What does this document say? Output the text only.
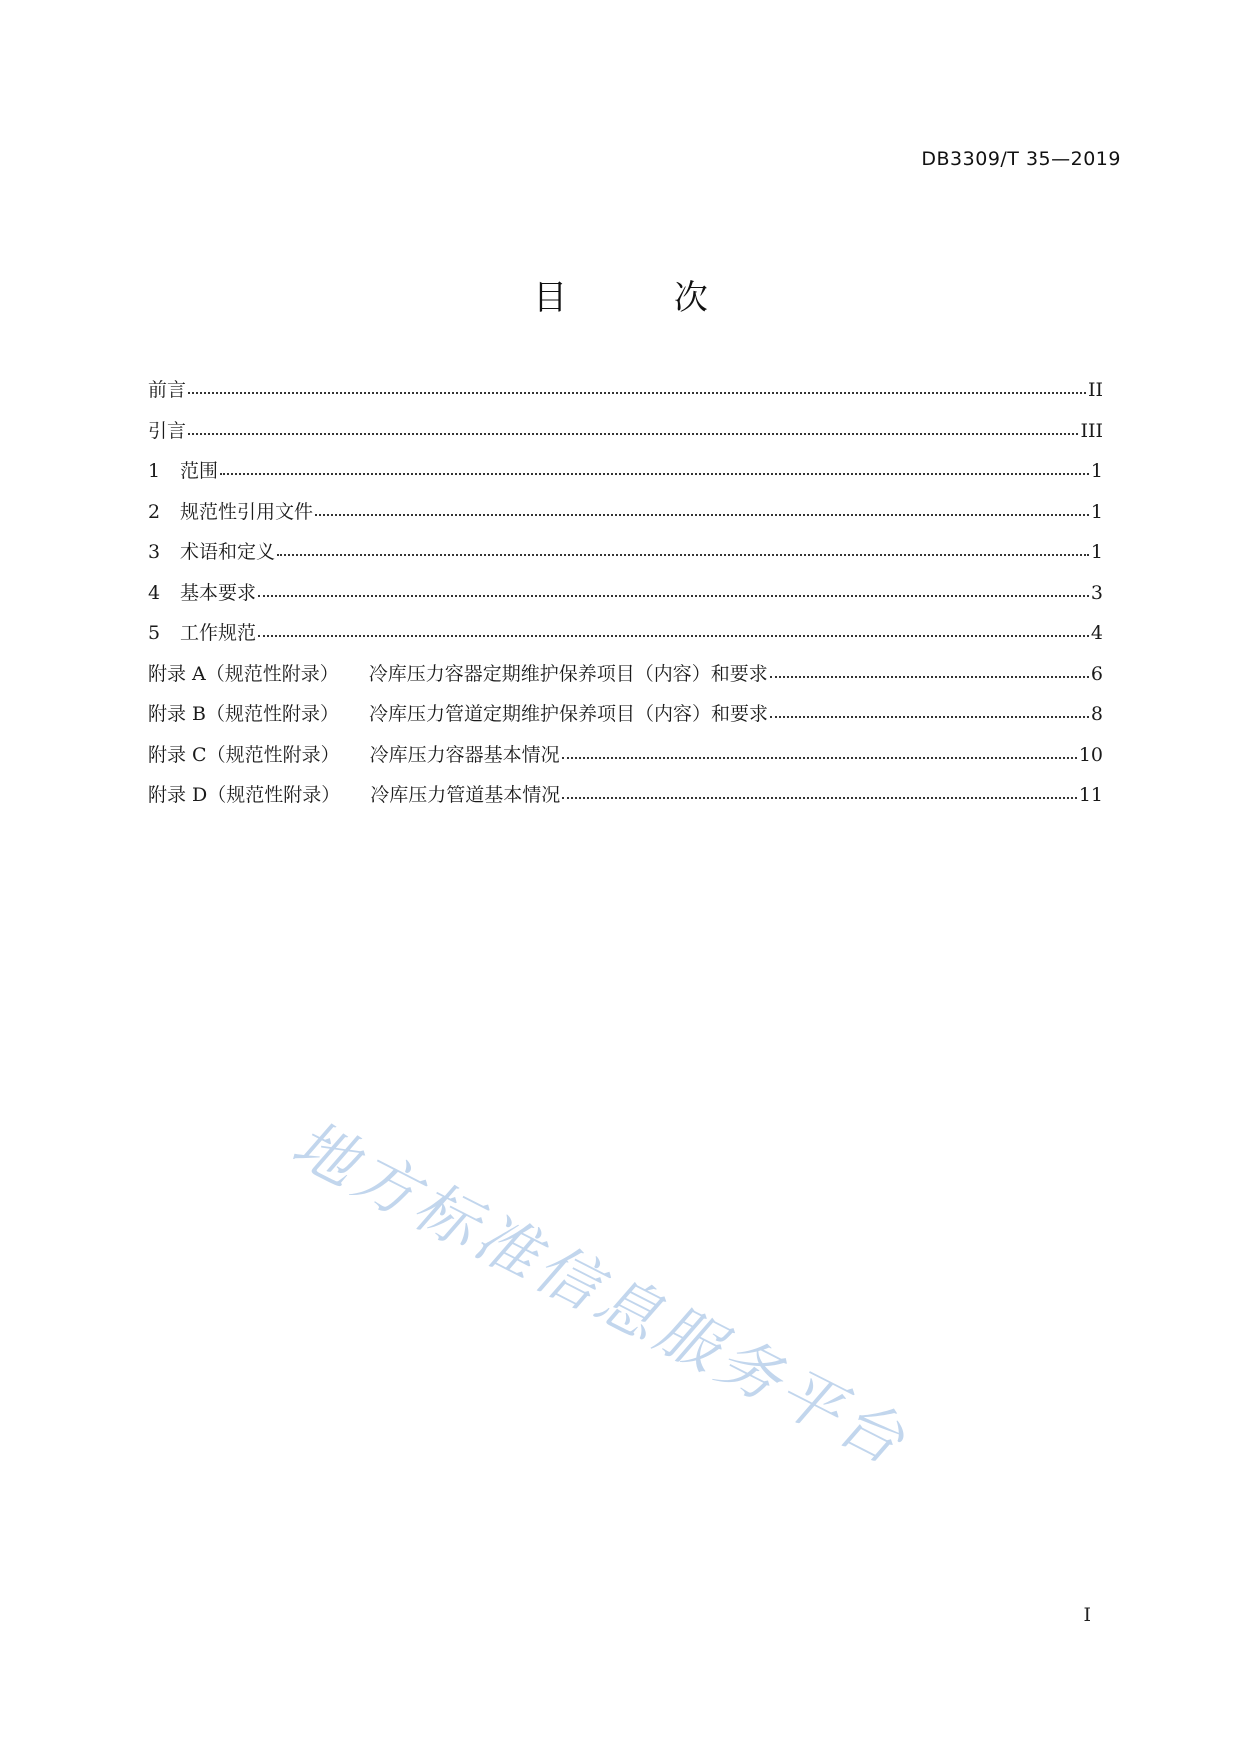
DB3309/T 35—2019
目 次
前言	II
引言	III
1	范围	1
2	规范性引用文件	1
3	术语和定义	1
4	基本要求	3
5	工作规范	4
附录 A（规范性附录） 冷库压力容器定期维护保养项目（内容）和要求	6
附录 B（规范性附录） 冷库压力管道定期维护保养项目（内容）和要求	8
附录 C（规范性附录） 冷库压力容器基本情况	10
附录 D（规范性附录） 冷库压力管道基本情况	11
地方标准信息服务平台
I
